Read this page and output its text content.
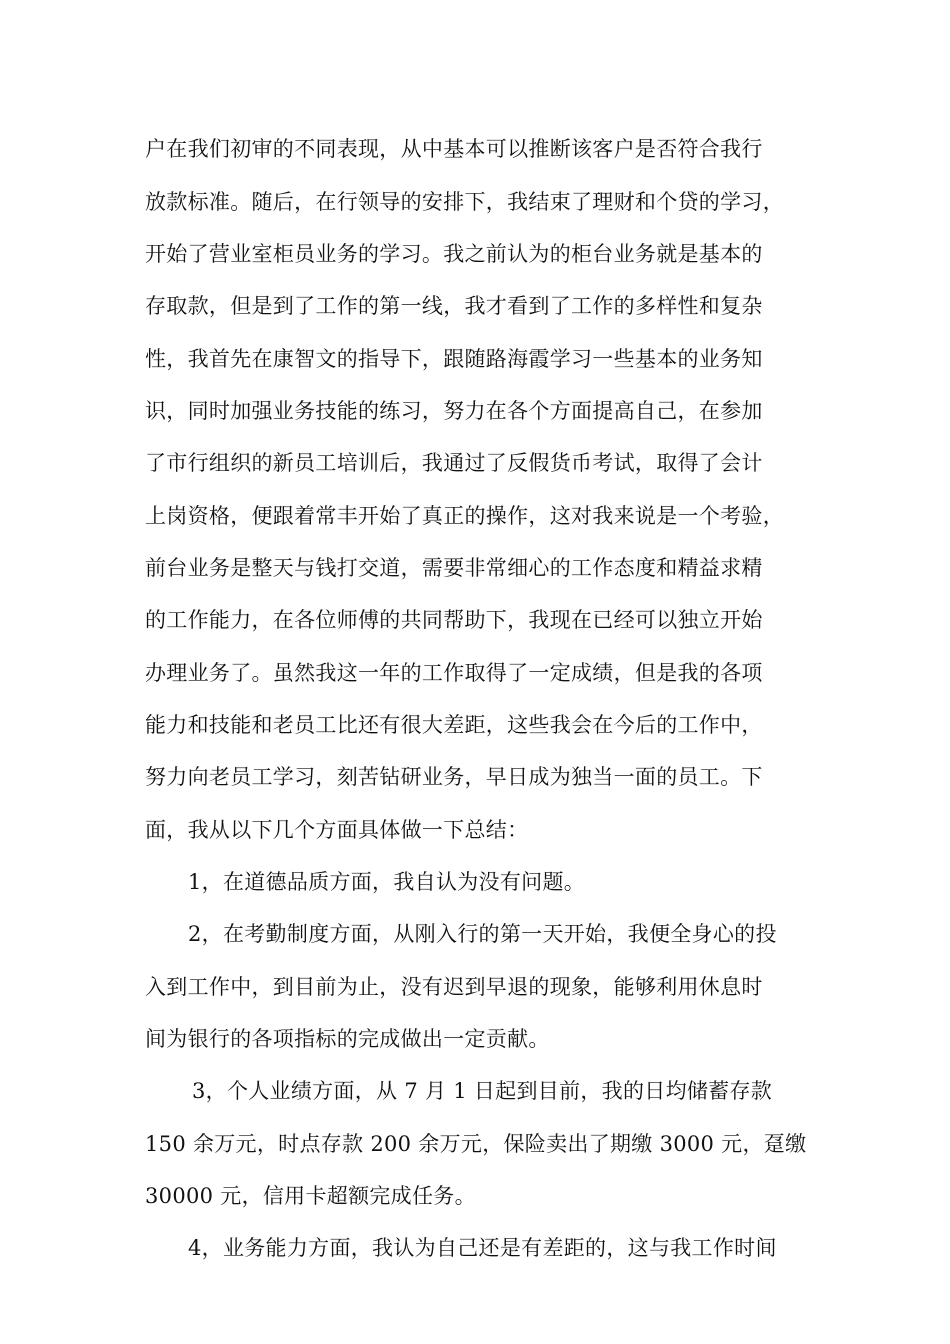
户在我们初审的不同表现，从中基本可以推断该客户是否符合我行
放款标准。随后，在行领导的安排下，我结束了理财和个贷的学习，
开始了营业室柜员业务的学习。我之前认为的柜台业务就是基本的
存取款，但是到了工作的第一线，我才看到了工作的多样性和复杂
性，我首先在康智文的指导下，跟随路海霞学习一些基本的业务知
识，同时加强业务技能的练习，努力在各个方面提高自己，在参加
了市行组织的新员工培训后，我通过了反假货币考试，取得了会计
上岗资格，便跟着常丰开始了真正的操作，这对我来说是一个考验，
前台业务是整天与钱打交道，需要非常细心的工作态度和精益求精
的工作能力，在各位师傅的共同帮助下，我现在已经可以独立开始
办理业务了。虽然我这一年的工作取得了一定成绩，但是我的各项
能力和技能和老员工比还有很大差距，这些我会在今后的工作中，
努力向老员工学习，刻苦钻研业务，早日成为独当一面的员工。下
面，我从以下几个方面具体做一下总结：
1，在道德品质方面，我自认为没有问题。
2，在考勤制度方面，从刚入行的第一天开始，我便全身心的投
入到工作中，到目前为止，没有迟到早退的现象，能够利用休息时
间为银行的各项指标的完成做出一定贡献。
3，个人业绩方面，从 7 月 1 日起到目前，我的日均储蓄存款
150 余万元，时点存款 200 余万元，保险卖出了期缴 3000 元，趸缴
30000 元，信用卡超额完成任务。
4，业务能力方面，我认为自己还是有差距的，这与我工作时间
